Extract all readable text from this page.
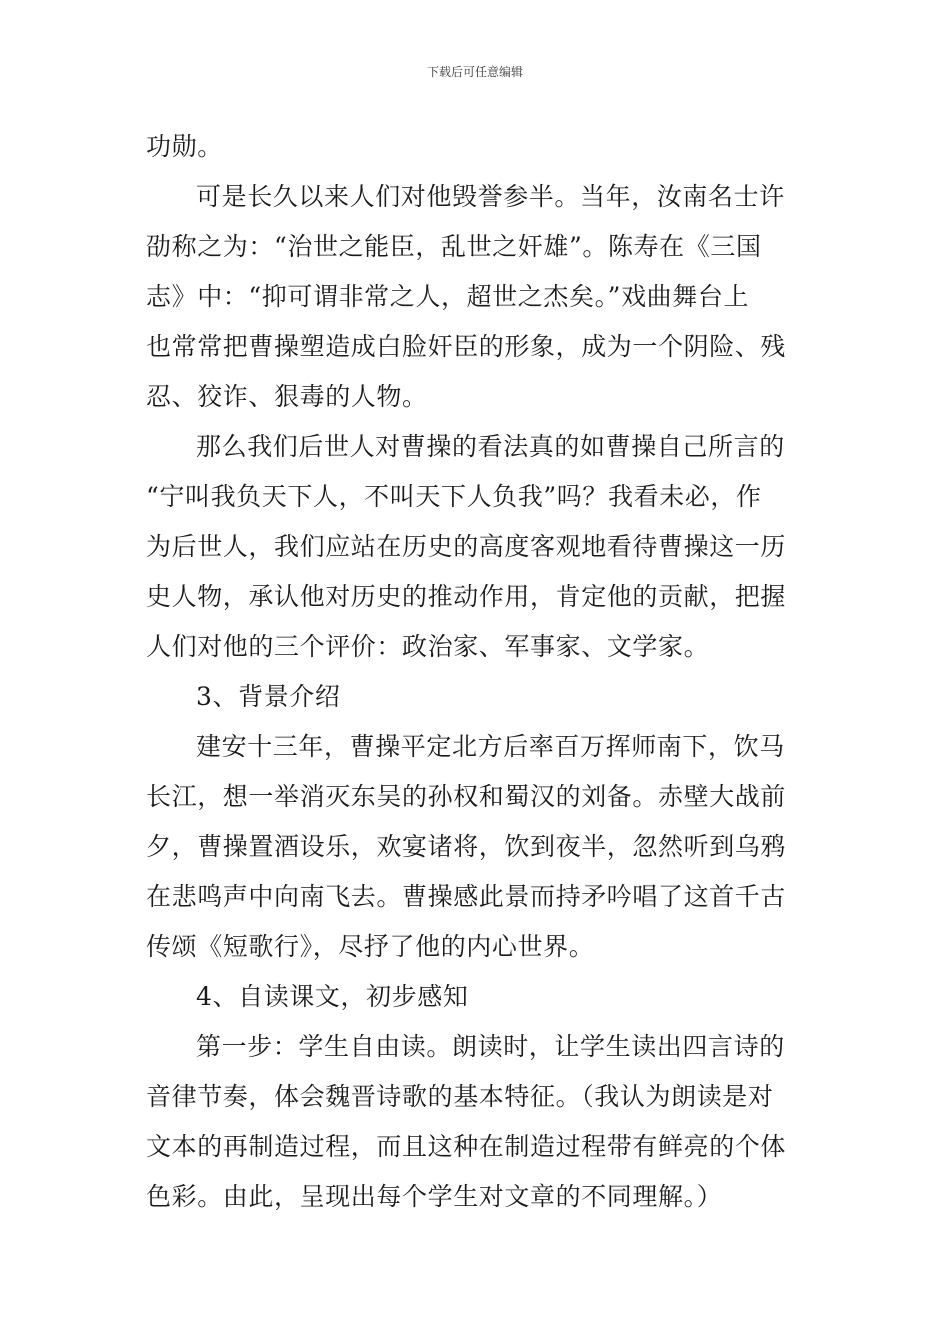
下载后可任意编辑
功勋。
可是长久以来人们对他毁誉参半。当年，汝南名士许
劭称之为：“治世之能臣，乱世之奸雄”。陈寿在《三国
志》中：“抑可谓非常之人，超世之杰矣。”戏曲舞台上
也常常把曹操塑造成白脸奸臣的形象，成为一个阴险、残
忍、狡诈、狠毒的人物。
那么我们后世人对曹操的看法真的如曹操自己所言的
“宁叫我负天下人，不叫天下人负我”吗？我看未必，作
为后世人，我们应站在历史的高度客观地看待曹操这一历
史人物，承认他对历史的推动作用，肯定他的贡献，把握
人们对他的三个评价：政治家、军事家、文学家。
3、背景介绍
建安十三年，曹操平定北方后率百万挥师南下，饮马
长江，想一举消灭东吴的孙权和蜀汉的刘备。赤壁大战前
夕，曹操置酒设乐，欢宴诸将，饮到夜半，忽然听到乌鸦
在悲鸣声中向南飞去。曹操感此景而持矛吟唱了这首千古
传颂《短歌行》，尽抒了他的内心世界。
4、自读课文，初步感知
第一步：学生自由读。朗读时，让学生读出四言诗的
音律节奏，体会魏晋诗歌的基本特征。（我认为朗读是对
文本的再制造过程，而且这种在制造过程带有鲜亮的个体
色彩。由此，呈现出每个学生对文章的不同理解。）
